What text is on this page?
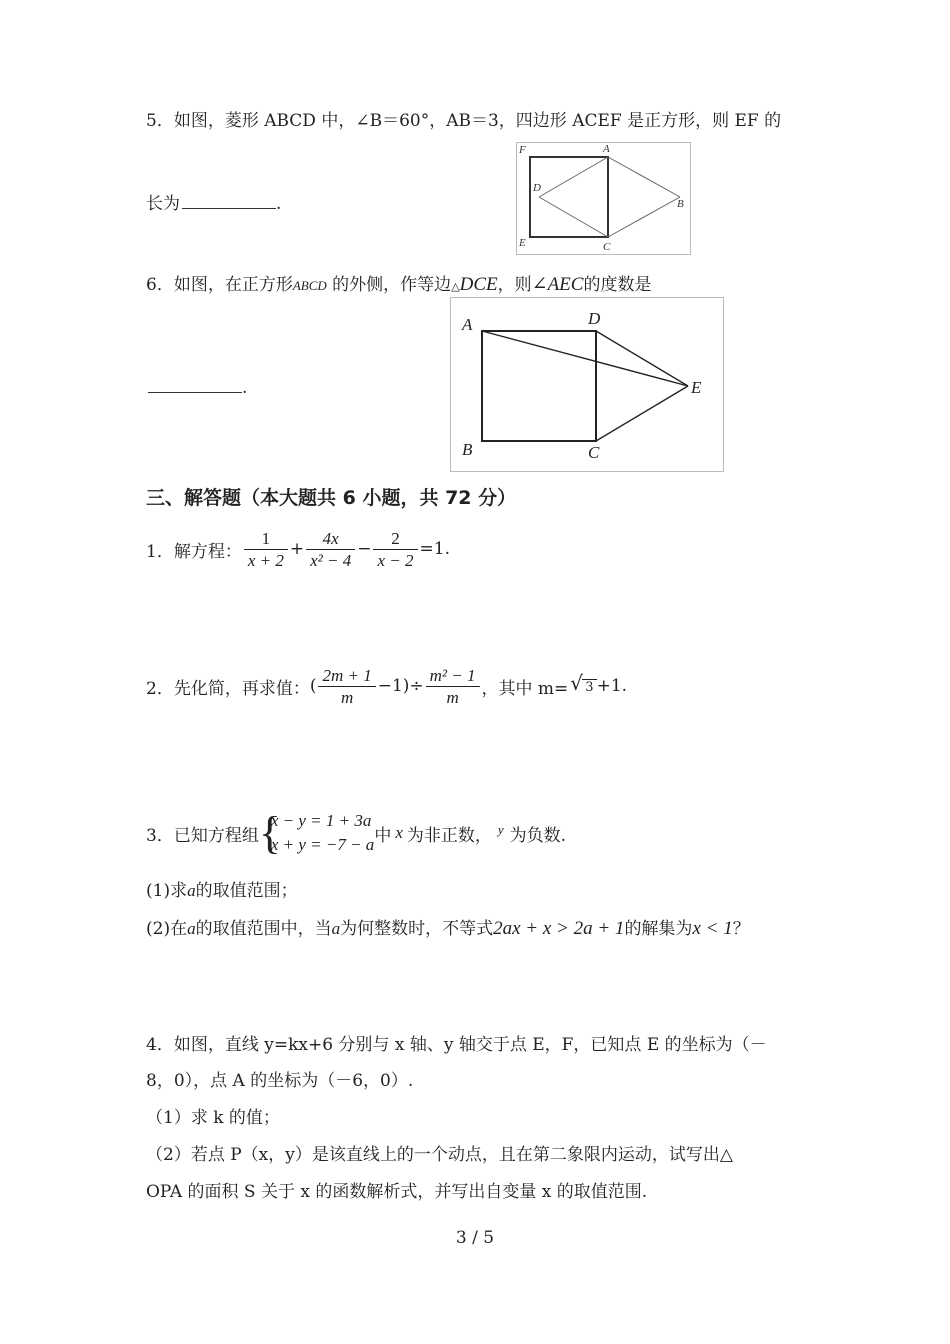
5．如图，菱形 ABCD 中，∠B＝60°，AB＝3，四边形 ACEF 是正方形，则 EF 的
长为	.
F	A
D
B
E	C
6．如图，在正方形ABCD 的外侧，作等边△DCE，则∠AEC的度数是
.
A	D
E
B	C
三、解答题（本大题共 6 小题，共 72 分）
1．解方程： $\frac{1}{x + 2} + \frac{4x}{\text{x² − 4}} - \frac{2}{x - 2} =1$.
2．先化简，再求值： ( $\frac{2m + 1}{m} -1)\div \frac{\text{m² − 1}}{m}$ ，其中 m= √ 3 +1.
3．已知方程组 {
x − y = 1 + 3a
x + y = −7 − a 中 x 为非正数， y 为负数.
(1)求a的取值范围；
(2)在a的取值范围中，当a为何整数时，不等式2ax + x > 2a + 1的解集为x < 1？
4．如图，直线 y=kx+6 分别与 x 轴、y 轴交于点 E，F，已知点 E 的坐标为（－
8，0），点 A 的坐标为（－6，0）.
（1）求 k 的值；
（2）若点 P（x，y）是该直线上的一个动点，且在第二象限内运动，试写出△
OPA 的面积 S 关于 x 的函数解析式，并写出自变量 x 的取值范围.
3 / 5
